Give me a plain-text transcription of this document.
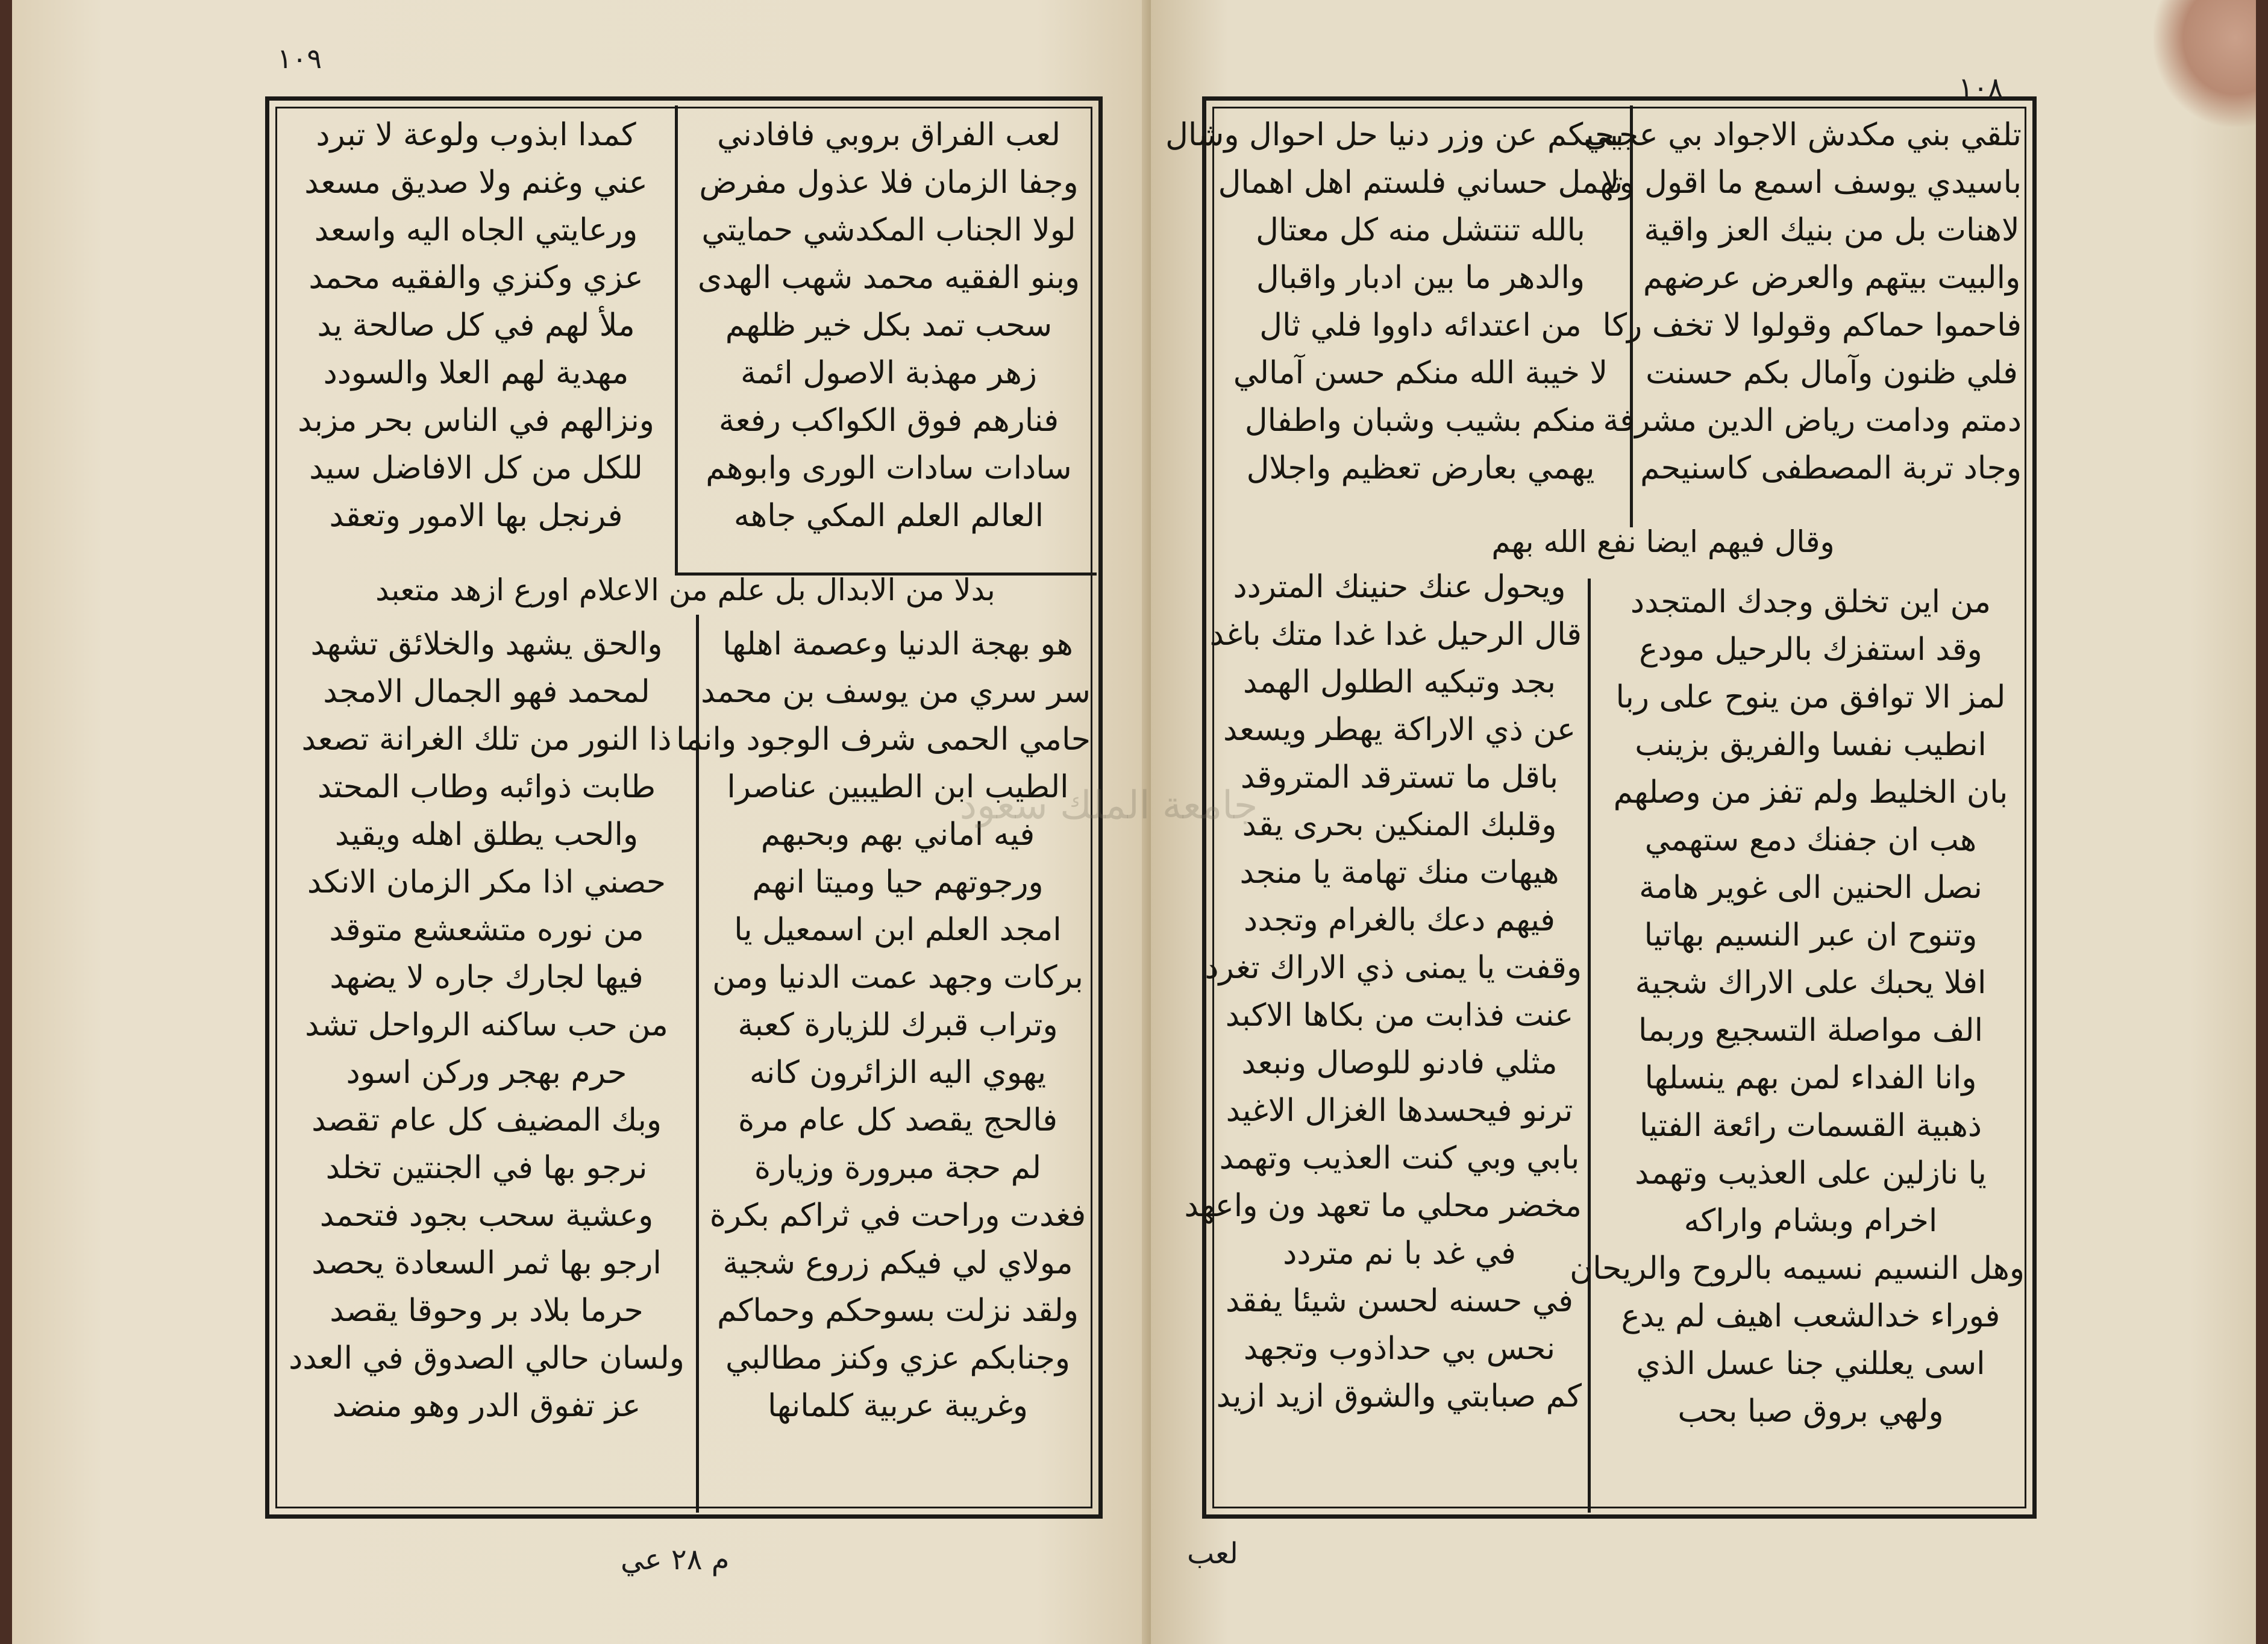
١٠٩
لعب الفراق بروبي فافادني
وجفا الزمان فلا عذول مفرض
لولا الجناب المكدشي حمايتي
وبنو الفقيه محمد شهب الهدى
سحب تمد بكل خير ظلهم
زهر مهذبة الاصول ائمة
فنارهم فوق الكواكب رفعة
سادات سادات الورى وابوهم
العالم العلم المكي جاهه
كمدا ابذوب ولوعة لا تبرد
عني وغنم ولا صديق مسعد
ورعايتي الجاه اليه واسعد
عزي وكنزي والفقيه محمد
ملأ لهم في كل صالحة يد
مهدية لهم العلا والسودد
ونزالهم في الناس بحر مزبد
للكل من كل الافاضل سيد
فرنجل بها الامور وتعقد
بدلا من الابدال بل علم من الاعلام اورع ازهد متعبد
هو بهجة الدنيا وعصمة اهلها
سر سري من يوسف بن محمد
حامي الحمى شرف الوجود وانما
الطيب ابن الطيبين عناصرا
فيه اماني بهم وبحبهم
ورجوتهم حيا وميتا انهم
امجد العلم ابن اسمعيل يا
بركات وجهد عمت الدنيا ومن
وتراب قبرك للزيارة كعبة
يهوي اليه الزائرون كانه
فالحج يقصد كل عام مرة
لم حجة مبرورة وزيارة
فغدت وراحت في ثراكم بكرة
مولاي لي فيكم زروع شجية
ولقد نزلت بسوحكم وحماكم
وجنابكم عزي وكنز مطالبي
وغريبة عربية كلمانها
والحق يشهد والخلائق تشهد
لمحمد فهو الجمال الامجد
ذا النور من تلك الغرانة تصعد
طابت ذوائبه وطاب المحتد
والحب يطلق اهله ويقيد
حصني اذا مكر الزمان الانكد
من نوره متشعشع متوقد
فيها لجارك جاره لا يضهد
من حب ساكنه الرواحل تشد
حرم بهجر وركن اسود
وبك المضيف كل عام تقصد
نرجو بها في الجنتين تخلد
وعشية سحب بجود فتحمد
ارجو بها ثمر السعادة يحصد
حرما بلاد بر وحوقا يقصد
ولسان حالي الصدوق في العدد
عز تفوق الدر وهو منضد
م ٢٨ عي
١٠٨
تلقي بني مكدش الاجواد بي عجبي
باسيدي يوسف اسمع ما اقول ولا
لاهنات بل من بنيك العز واقية
والبيت بيتهم والعرض عرضهم
فاحموا حماكم وقولوا لا تخف ركا
فلي ظنون وآمال بكم حسنت
دمتم ودامت رياض الدين مشرفة
وجاد تربة المصطفى كاسنيحم
بحبكم عن وزر دنيا حل احوال وشال
تهمل حساني فلستم اهل اهمال
بالله تنتشل منه كل معتال
والدهر ما بين ادبار واقبال
من اعتدائه داووا فلي ثال
لا خيبة الله منكم حسن آمالي
منكم بشيب وشبان واطفال
يهمي بعارض تعظيم واجلال
وقال فيهم ايضا نفع الله بهم
من اين تخلق وجدك المتجدد
وقد استفزك بالرحيل مودع
لمز الا توافق من ينوح على ربا
انطيب نفسا والفريق بزينب
بان الخليط ولم تفز من وصلهم
هب ان جفنك دمع ستهمي
نصل الحنين الى غوير هامة
وتنوح ان عبر النسيم بهاتيا
افلا يحبك على الاراك شجية
الف مواصلة التسجيع وربما
وانا الفداء لمن بهم ينسلها
ذهبية القسمات رائعة الفتيا
يا نازلين على العذيب وتهمد
اخرام وبشام واراكه
وهل النسيم نسيمه بالروح والريحان
فوراء خدالشعب اهيف لم يدع
اسى يعللني جنا عسل الذي
ولهي بروق صبا بحب
ويحول عنك حنينك المتردد
قال الرحيل غدا غدا متك باغد
بجد وتبكيه الطلول الهمد
عن ذي الاراكة يهطر ويسعد
باقل ما تسترقد المتروقد
وقلبك المنكين بحرى يقد
هيهات منك تهامة يا منجد
فيهم دعك بالغرام وتجدد
وقفت يا يمنى ذي الاراك تغرد
عنت فذابت من بكاها الاكبد
مثلي فادنو للوصال ونبعد
ترنو فيحسدها الغزال الاغيد
بابي وبي كنت العذيب وتهمد
مخضر محلي ما تعهد ون واعهد
في غد با نم متردد
في حسنه لحسن شيئا يفقد
نحس بي حداذوب وتجهد
كم صبابتي والشوق ازيد ازيد
لعب
جامعة الملك سعود
